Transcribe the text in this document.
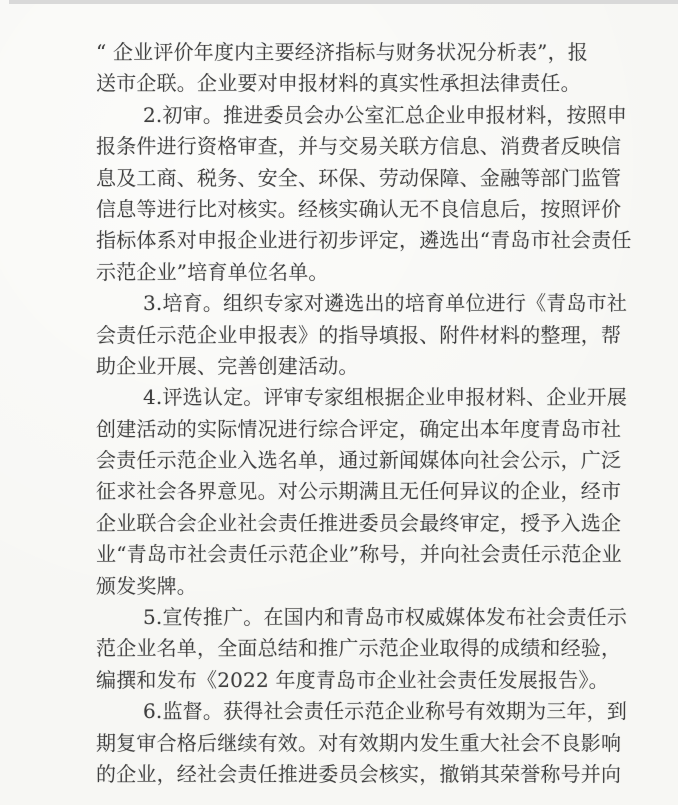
“ 企业评价年度内主要经济指标与财务状况分析表”，报
送市企联。企业要对申报材料的真实性承担法律责任。
2.初审。推进委员会办公室汇总企业申报材料，按照申
报条件进行资格审查，并与交易关联方信息、消费者反映信
息及工商、税务、安全、环保、劳动保障、金融等部门监管
信息等进行比对核实。经核实确认无不良信息后，按照评价
指标体系对申报企业进行初步评定，遴选出“青岛市社会责任
示范企业”培育单位名单。
3.培育。组织专家对遴选出的培育单位进行《青岛市社
会责任示范企业申报表》的指导填报、附件材料的整理，帮
助企业开展、完善创建活动。
4.评选认定。评审专家组根据企业申报材料、企业开展
创建活动的实际情况进行综合评定，确定出本年度青岛市社
会责任示范企业入选名单，通过新闻媒体向社会公示，广泛
征求社会各界意见。对公示期满且无任何异议的企业，经市
企业联合会企业社会责任推进委员会最终审定，授予入选企
业“青岛市社会责任示范企业”称号，并向社会责任示范企业
颁发奖牌。
5.宣传推广。在国内和青岛市权威媒体发布社会责任示
范企业名单，全面总结和推广示范企业取得的成绩和经验，
编撰和发布《2022 年度青岛市企业社会责任发展报告》。
6.监督。获得社会责任示范企业称号有效期为三年，到
期复审合格后继续有效。对有效期内发生重大社会不良影响
的企业，经社会责任推进委员会核实，撤销其荣誉称号并向
